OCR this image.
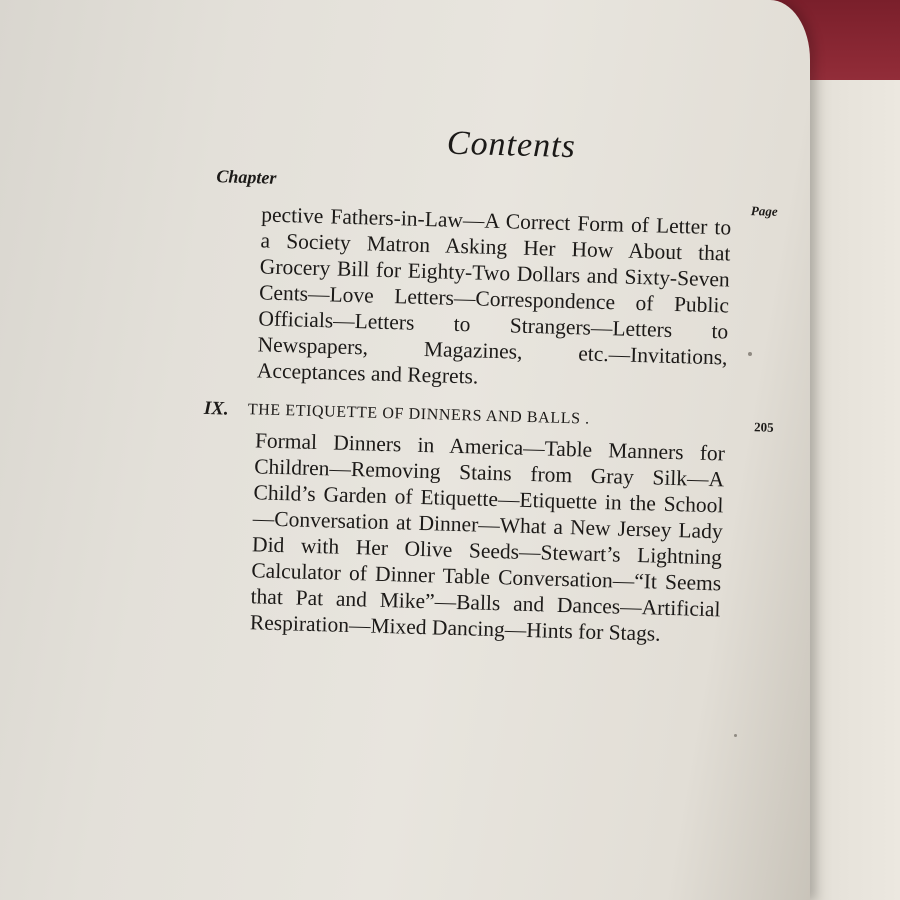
Contents
Chapter
Page

pective Fathers-in-Law—A Correct Form of Letter to a Society Matron Asking Her How About that Grocery Bill for Eighty-Two Dollars and Sixty-Seven Cents—Love Letters—Correspondence of Public Officials—Letters to Strangers—Letters to Newspapers, Magazines, etc.—Invitations, Acceptances and Regrets.

IX. THE ETIQUETTE OF DINNERS AND BALLS .	205

Formal Dinners in America—Table Manners for Children—Removing Stains from Gray Silk—A Child’s Garden of Etiquette—Etiquette in the School—Conversation at Dinner—What a New Jersey Lady Did with Her Olive Seeds—Stewart’s Lightning Calculator of Dinner Table Conversation—“It Seems that Pat and Mike”—Balls and Dances—Artificial Respiration—Mixed Dancing—Hints for Stags.
